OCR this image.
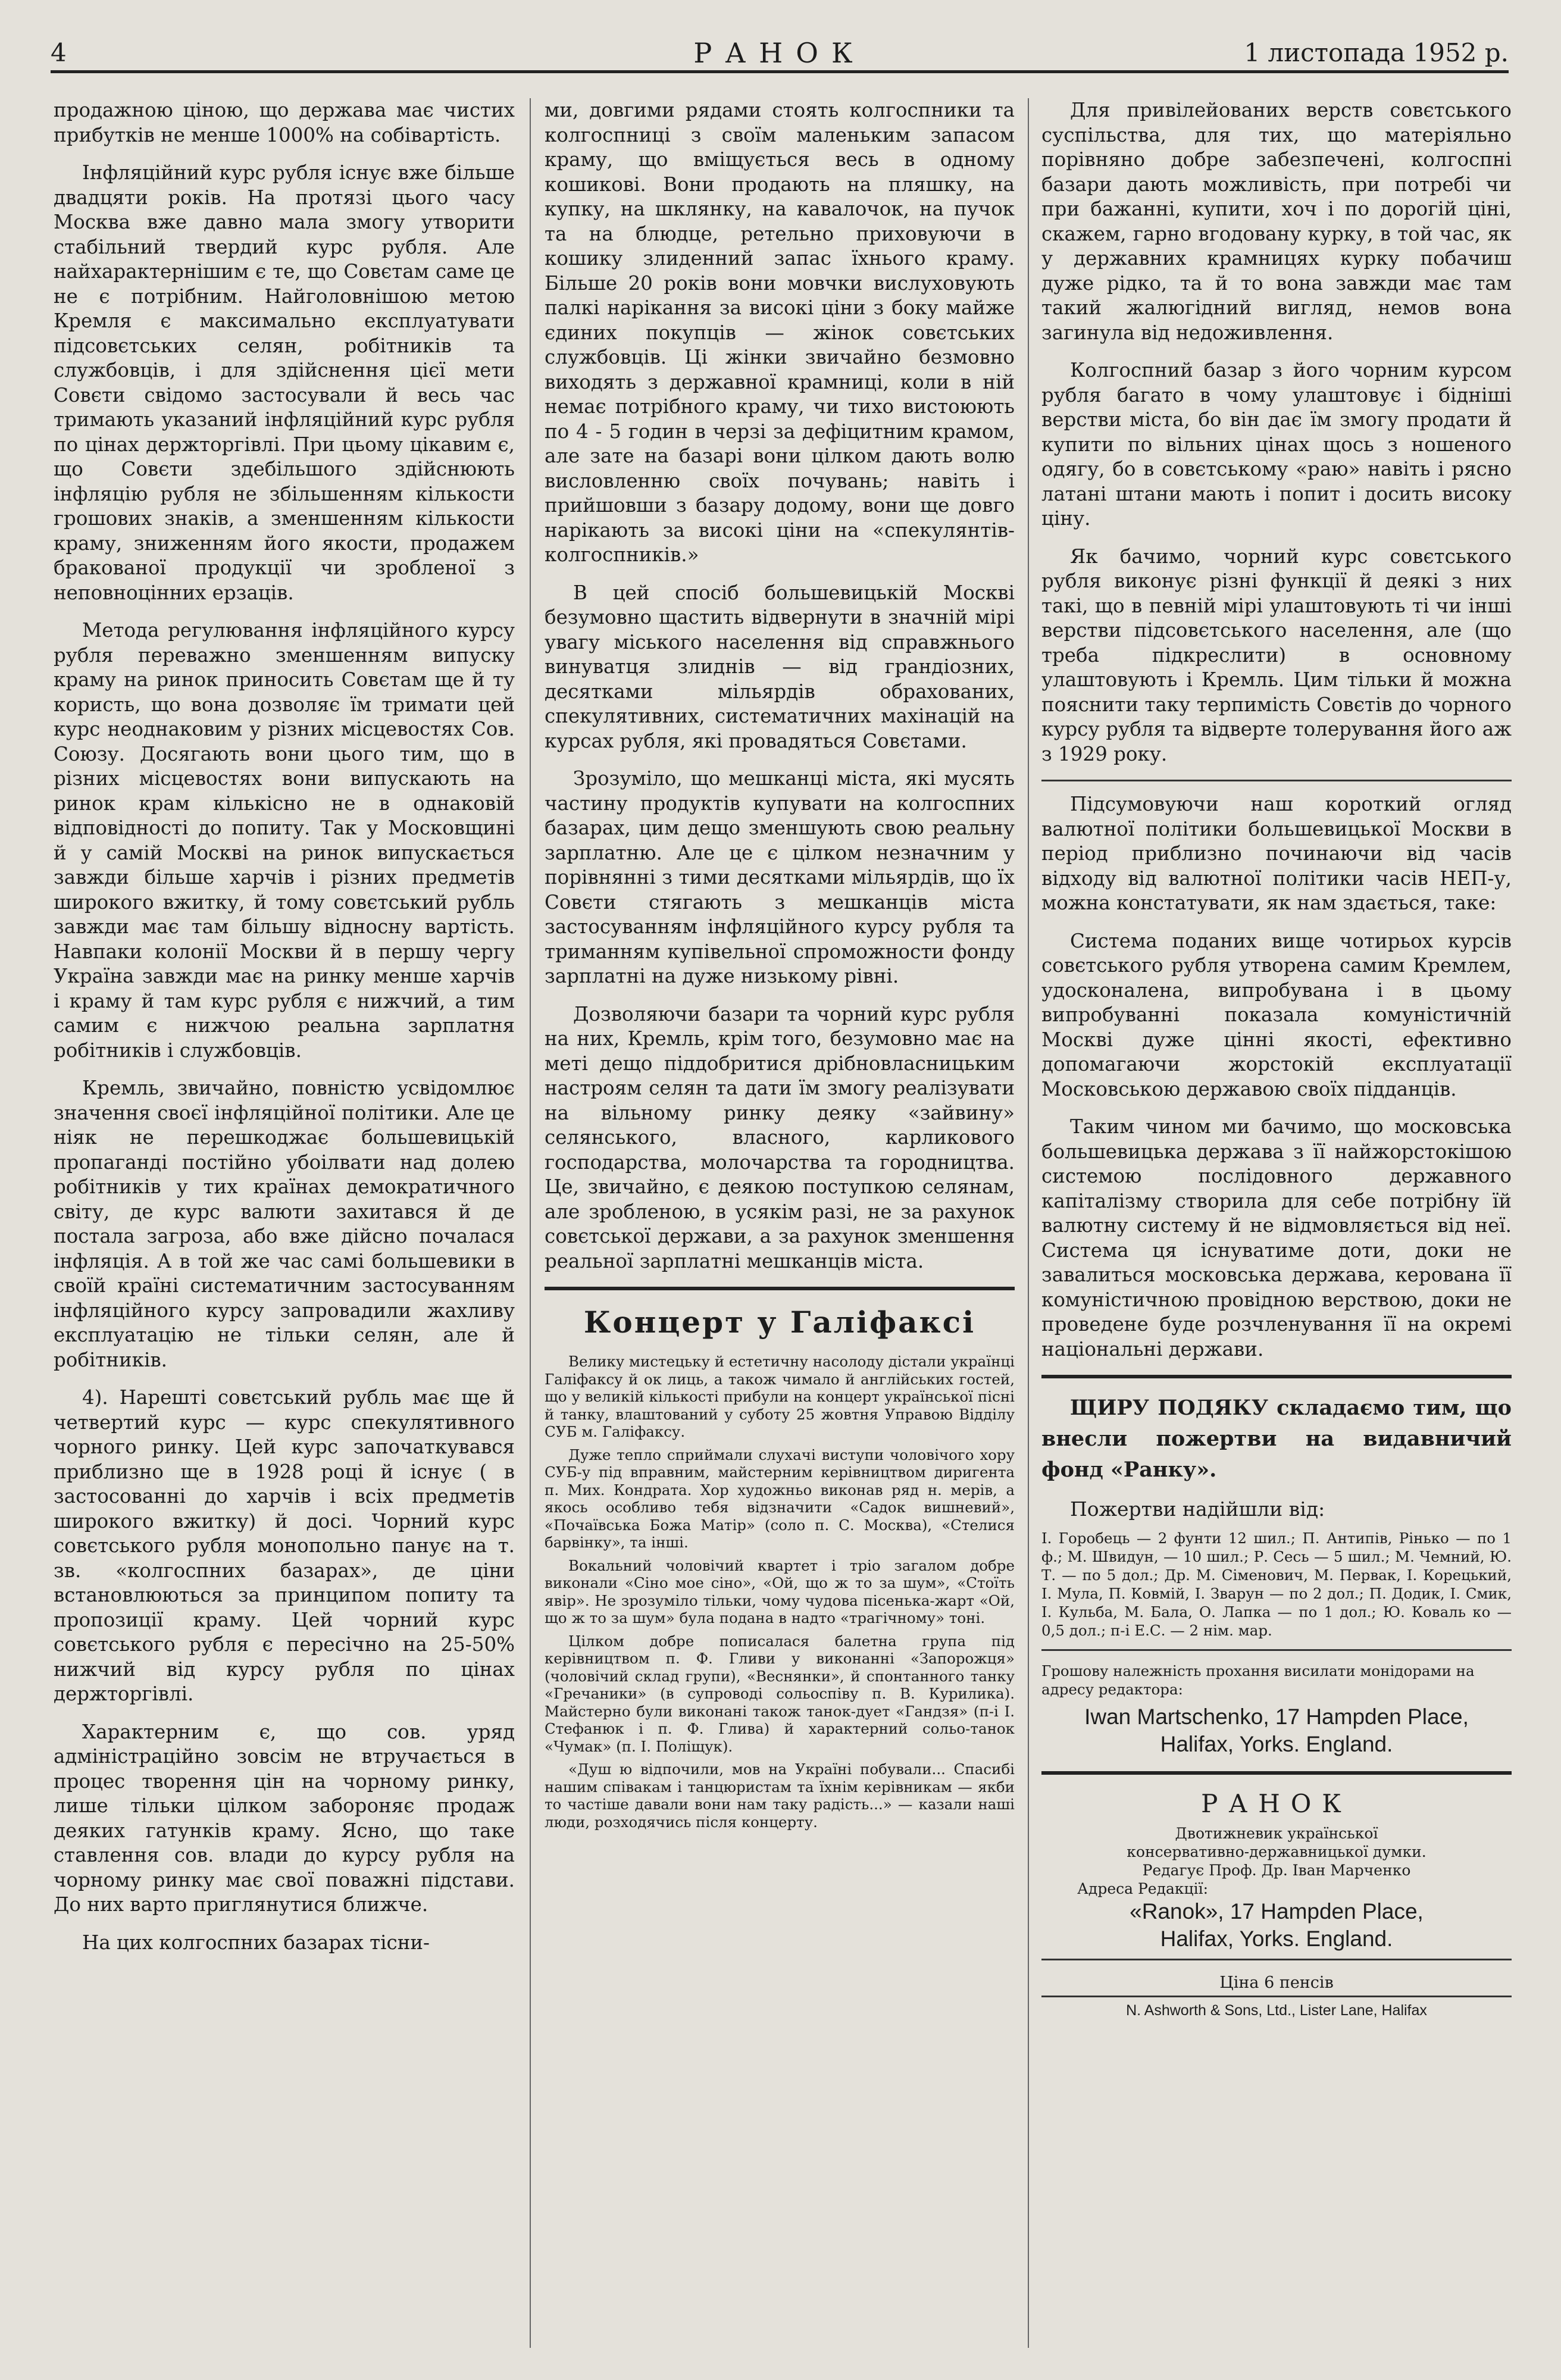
4	РАНОК	1 листопада 1952 р.

продажною ціною, що держава має чистих прибутків не менше 1000% на собівартість.

Інфляційний курс рубля існує вже більше двадцяти років. На протязі цього часу Москва вже давно мала змогу утворити стабільний твердий курс рубля. Але найхарактернішим є те, що Совєтам саме це не є потрібним. Найголовнішою метою Кремля є максимально експлуатувати підсовєтських селян, робітників та службовців, і для здійснення цієї мети Совєти свідомо застосували й весь час тримають указаний інфляційний курс рубля по цінах держторгівлі. При цьому цікавим є, що Совєти здебільшого здійснюють інфляцію рубля не збільшенням кількости грошових знаків, а зменшенням кількости краму, зниженням його якости, продажем бракованої продукції чи зробленої з неповноцінних ерзаців.

Метода регулювання інфляційного курсу рубля переважно зменшенням випуску краму на ринок приносить Совєтам ще й ту користь, що вона дозволяє їм тримати цей курс неоднаковим у різних місцевостях Сов. Союзу. Досягають вони цього тим, що в різних місцевостях вони випускають на ринок крам кількісно не в однаковій відповідності до попиту. Так у Московщині й у самій Москві на ринок випускається завжди більше харчів і різних предметів широкого вжитку, й тому совєтський рубль завжди має там більшу відносну вартість. Навпаки колонії Москви й в першу чергу Україна завжди має на ринку менше харчів і краму й там курс рубля є нижчий, а тим самим є нижчою реальна зарплатня робітників і службовців.

Кремль, звичайно, повністю усвідомлює значення своєї інфляційної політики. Але це ніяк не перешкоджає большевицькій пропаганді постійно убоілвати над долею робітників у тих країнах демократичного світу, де курс валюти захитався й де постала загроза, або вже дійсно почалася інфляція. А в той же час самі большевики в своїй країні систематичним застосуванням інфляційного курсу запровадили жахливу експлуатацію не тільки селян, але й робітників.

4). Нарешті совєтський рубль має ще й четвертий курс — курс спекулятивного чорного ринку. Цей курс започаткувався приблизно ще в 1928 році й існує ( в застосованні до харчів і всіх предметів широкого вжитку) й досі. Чорний курс совєтського рубля монопольно панує на т. зв. «колгоспних базарах», де ціни встановлюються за принципом попиту та пропозиції краму. Цей чорний курс совєтського рубля є пересічно на 25-50% нижчий від курсу рубля по цінах держторгівлі.

Характерним є, що сов. уряд адміністраційно зовсім не втручається в процес творення цін на чорному ринку, лише тільки цілком забороняє продаж деяких гатунків краму. Ясно, що таке ставлення сов. влади до курсу рубля на чорному ринку має свої поважні підстави. До них варто приглянутися ближче.

На цих колгоспних базарах тісни-

ми, довгими рядами стоять колгоспники та колгоспниці з своїм маленьким запасом краму, що вміщується весь в одному кошикові. Вони продають на пляшку, на купку, на шклянку, на кавалочок, на пучок та на блюдце, ретельно приховуючи в кошику злиденний запас їхнього краму. Більше 20 років вони мовчки вислуховують палкі нарікання за високі ціни з боку майже єдиних покупців — жінок совєтських службовців. Ці жінки звичайно безмовно виходять з державної крамниці, коли в ній немає потрібного краму, чи тихо вистоюють по 4 - 5 годин в черзі за дефіцитним крамом, але зате на базарі вони цілком дають волю висловленню своїх почувань; навіть і прийшовши з базару додому, вони ще довго нарікають за високі ціни на «спекулянтів-колгоспників.»

В цей спосіб большевицькій Москві безумовно щастить відвернути в значній мірі увагу міського населення від справжнього винуватця злиднів — від грандіозних, десятками мільярдів обрахованих, спекулятивних, систематичних махінацій на курсах рубля, які провадяться Совєтами.

Зрозуміло, що мешканці міста, які мусять частину продуктів купувати на колгоспних базарах, цим дещо зменшують свою реальну зарплатню. Але це є цілком незначним у порівнянні з тими десятками мільярдів, що їх Совєти стягають з мешканців міста застосуванням інфляційного курсу рубля та триманням купівельної спроможности фонду зарплатні на дуже низькому рівні.

Дозволяючи базари та чорний курс рубля на них, Кремль, крім того, безумовно має на меті дещо піддобритися дрібновласницьким настроям селян та дати їм змогу реалізувати на вільному ринку деяку «зайвину» селянського, власного, карликового господарства, молочарства та городництва. Це, звичайно, є деякою поступкою селянам, але зробленою, в усякім разі, не за рахунок совєтської держави, а за рахунок зменшення реальної зарплатні мешканців міста.

Концерт у Галіфаксі

Велику мистецьку й естетичну насолоду дістали українці Галіфаксу й ок лиць, а також чимало й англійських гостей, що у великій кількості прибули на концерт української пісні й танку, влаштований у суботу 25 жовтня Управою Відділу СУБ м. Галіфаксу.

Дуже тепло сприймали слухачі виступи чоловічого хору СУБ-у під вправним, майстерним керівництвом диригента п. Мих. Кондрата. Хор художньо виконав ряд н. мерів, а якось особливо тебя відзначити «Садок вишневий», «Почаївська Божа Матір» (соло п. С. Москва), «Стелися барвінку», та інші.

Вокальний чоловічий квартет і тріо загалом добре виконали «Сіно мое сіно», «Ой, що ж то за шум», «Стоїть явір». Не зрозуміло тільки, чому чудова пісенька-жарт «Ой, що ж то за шум» була подана в надто «трагічному» тоні.

Цілком добре пописалася балетна група під керівництвом п. Ф. Гливи у виконанні «Запорожця» (чоловічий склад групи), «Веснянки», й спонтанного танку «Гречаники» (в супроводі сольоспіву п. В. Курилика). Майстерно були виконані також танок-дует «Гандзя» (п-і І. Стефанюк і п. Ф. Глива) й характерний сольо-танок «Чумак» (п. І. Поліщук).

«Душ ю відпочили, мов на Україні побували... Спасибі нашим співакам і танцюристам та їхнім керівникам — якби то частіше давали вони нам таку радість...» — казали наші люди, розходячись після концерту.

Для привілейованих верств совєтського суспільства, для тих, що матеріяльно порівняно добре забезпечені, колгоспні базари дають можливість, при потребі чи при бажанні, купити, хоч і по дорогій ціні, скажем, гарно вгодовану курку, в той час, як у державних крамницях курку побачиш дуже рідко, та й то вона завжди має там такий жалюгідний вигляд, немов вона загинула від недоживлення.

Колгоспний базар з його чорним курсом рубля багато в чому улаштовує і біднішi верстви міста, бо він дає їм змогу продати й купити по вільних цінах щось з ношеного одягу, бо в совєтському «раю» навіть і рясно латані штани мають і попит і досить високу ціну.

Як бачимо, чорний курс совєтського рубля виконує різні функції й деякі з них такі, що в певній мірі улаштовують ті чи інші верстви підсовєтського населення, але (що треба підкреслити) в основному улаштовують і Кремль. Цим тільки й можна пояснити таку терпимість Совєтів до чорного курсу рубля та відверте толерування його аж з 1929 року.

Підсумовуючи наш короткий огляд валютної політики большевицької Москви в період приблизно починаючи від часів відходу від валютної політики часів НЕП-у, можна констатувати, як нам здається, таке:

Система поданих вище чотирьох курсів совєтського рубля утворена самим Кремлем, удосконалена, випробувана і в цьому випробуванні показала комуністичній Москві дуже цінні якості, ефективно допомагаючи жорстокій експлуатації Московською державою своїх підданців.

Таким чином ми бачимо, що московська большевицька держава з її найжорстокішою системою послідовного державного капіталізму створила для себе потрібну їй валютну систему й не відмовляється від неї. Система ця існуватиме доти, доки не завалиться московська держава, керована її комуністичною провідною верствою, доки не проведене буде розчленування її на окремі національні держави.

ЩИРУ ПОДЯКУ складаємо тим, що внесли пожертви на видавничий фонд «Ранку».
Пожертви надійшли від:
І. Горобець — 2 фунти 12 шил.; П. Антипів, Рінько — по 1 ф.; М. Швидун, — 10 шил.; Р. Сесь — 5 шил.; М. Чемний, Ю. Т. — по 5 дол.; Др. М. Сіменович, М. Первак, І. Корецький, І. Мула, П. Ковмій, І. Зварун — по 2 дол.; П. Додик, І. Смик, І. Кульба, М. Бала, О. Лапка — по 1 дол.; Ю. Коваль ко — 0,5 дол.; п-і Е.С. — 2 нім. мар.
Грошову належність прохання висилати монідорами на адресу редактора:
Iwan Martschenko, 17 Hampden Place,
Halifax, Yorks. England.
РАНОК
Двотижневик української
консервативно-державницької думки.
Редагує Проф. Др. Іван Марченко
Адреса Редакції:
«Ranok», 17 Hampden Place,
Halifax, Yorks. England.
Ціна 6 пенсів
N. Ashworth & Sons, Ltd., Lister Lane, Halifax
